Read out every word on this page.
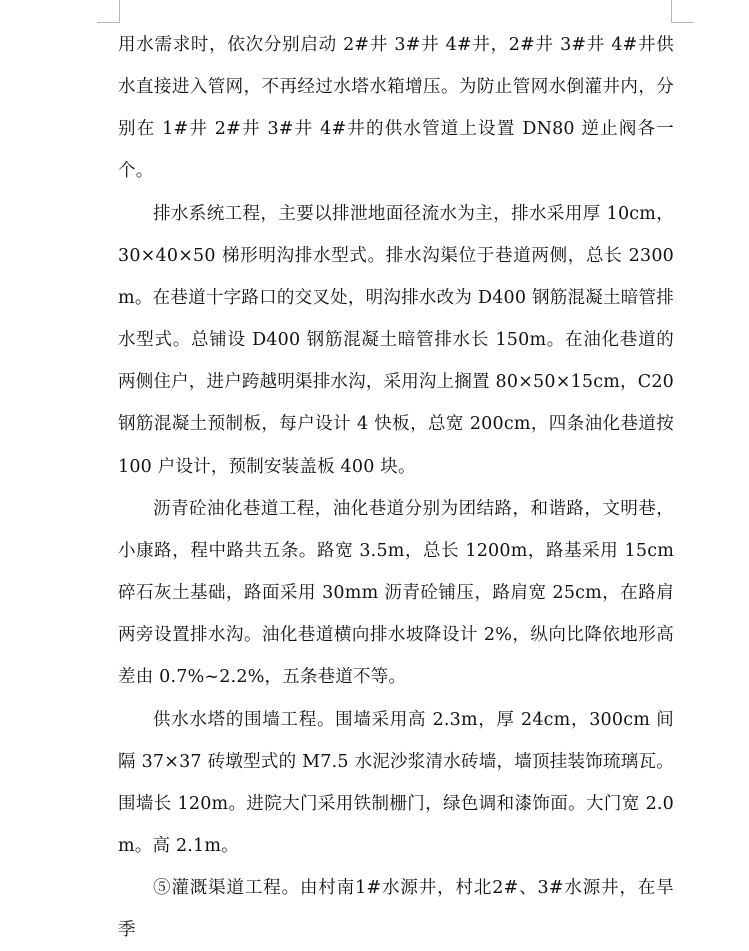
用水需求时，依次分别启动 2#井 3#井 4#井，2#井 3#井 4#井供水直接进入管网，不再经过水塔水箱增压。为防止管网水倒灌井内，分别在 1#井 2#井 3#井 4#井的供水管道上设置 DN80 逆止阀各一个。

排水系统工程，主要以排泄地面径流水为主，排水采用厚 10cm，30×40×50 梯形明沟排水型式。排水沟渠位于巷道两侧，总长 2300m。在巷道十字路口的交叉处，明沟排水改为 D400 钢筋混凝土暗管排水型式。总铺设 D400 钢筋混凝土暗管排水长 150m。在油化巷道的两侧住户，进户跨越明渠排水沟，采用沟上搁置 80×50×15cm，C20 钢筋混凝土预制板，每户设计 4 快板，总宽 200cm，四条油化巷道按 100 户设计，预制安装盖板 400 块。

沥青砼油化巷道工程，油化巷道分别为团结路，和谐路，文明巷，小康路，程中路共五条。路宽 3.5m，总长 1200m，路基采用 15cm 碎石灰土基础，路面采用 30mm 沥青砼铺压，路肩宽 25cm，在路肩两旁设置排水沟。油化巷道横向排水坡降设计 2%，纵向比降依地形高差由 0.7%~2.2%，五条巷道不等。

供水水塔的围墙工程。围墙采用高 2.3m，厚 24cm，300cm 间隔 37×37 砖墩型式的 M7.5 水泥沙浆清水砖墙，墙顶挂装饰琉璃瓦。围墙长 120m。进院大门采用铁制栅门，绿色调和漆饰面。大门宽 2.0m。高 2.1m。

⑤灌溉渠道工程。由村南1#水源井，村北2#、3#水源井，在旱季
